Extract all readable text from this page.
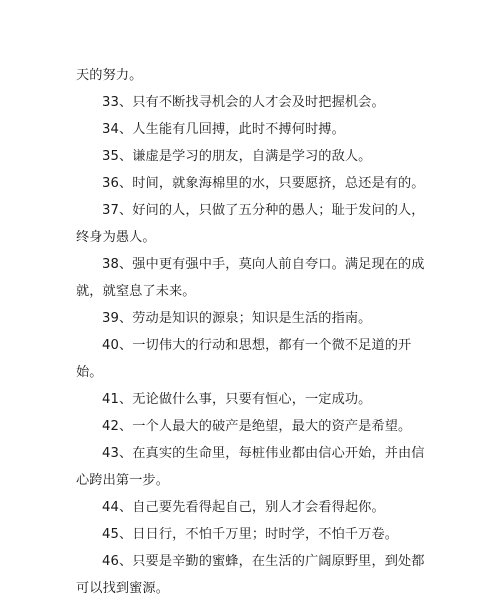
天的努力。

33、只有不断找寻机会的人才会及时把握机会。

34、人生能有几回搏，此时不搏何时搏。

35、谦虚是学习的朋友，自满是学习的敌人。

36、时间，就象海棉里的水，只要愿挤，总还是有的。

37、好问的人，只做了五分种的愚人；耻于发问的人，终身为愚人。

38、强中更有强中手，莫向人前自夸口。满足现在的成就，就窒息了未来。

39、劳动是知识的源泉；知识是生活的指南。

40、一切伟大的行动和思想，都有一个微不足道的开始。

41、无论做什么事，只要有恒心，一定成功。

42、一个人最大的破产是绝望，最大的资产是希望。

43、在真实的生命里，每桩伟业都由信心开始，并由信心跨出第一步。

44、自己要先看得起自己，别人才会看得起你。

45、日日行，不怕千万里；时时学，不怕千万卷。

46、只要是辛勤的蜜蜂，在生活的广阔原野里，到处都可以找到蜜源。
